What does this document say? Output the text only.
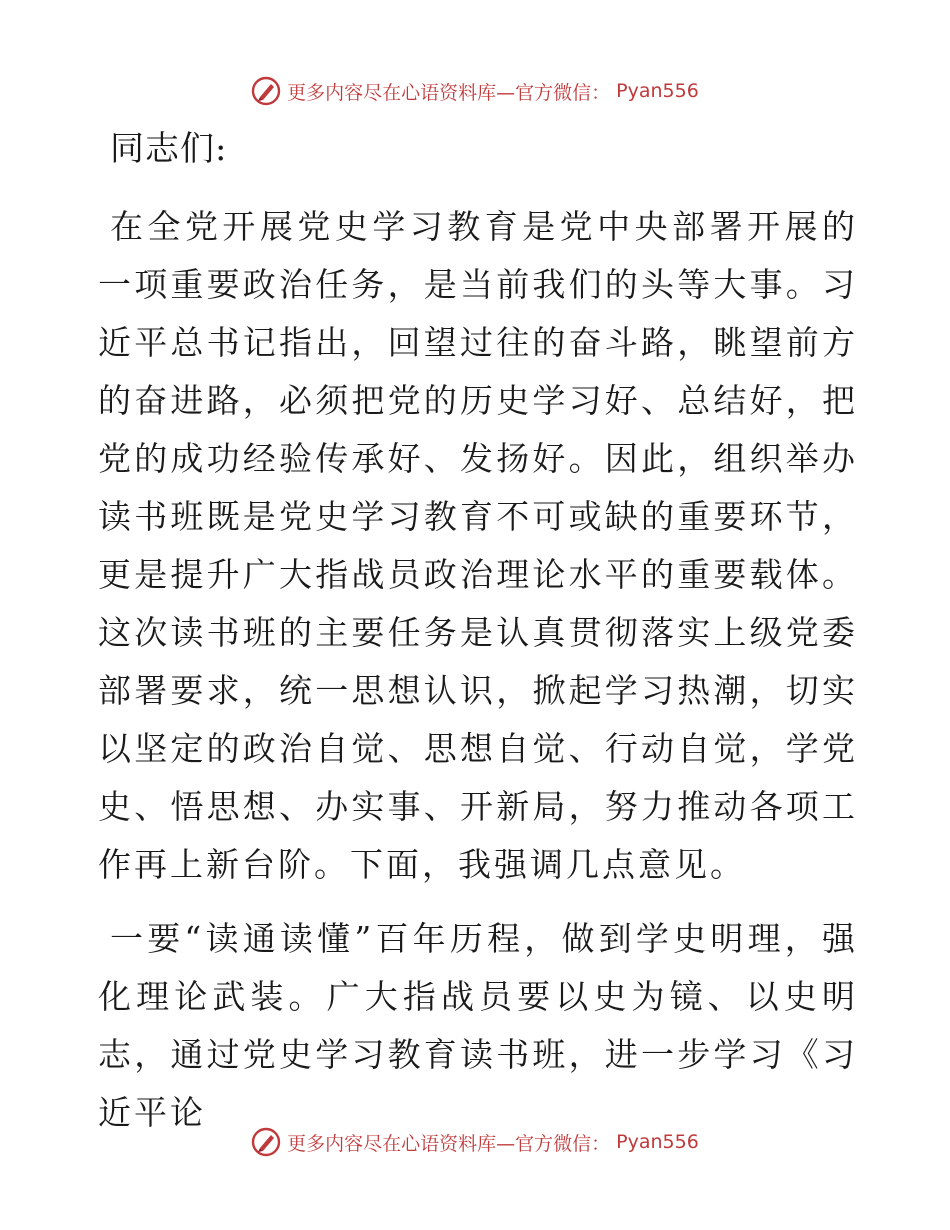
更多内容尽在心语资料库—官方微信： Pyan556

同志们:

在全党开展党史学习教育是党中央部署开展的一项重要政治任务，是当前我们的头等大事。习近平总书记指出，回望过往的奋斗路，眺望前方的奋进路，必须把党的历史学习好、总结好，把党的成功经验传承好、发扬好。因此，组织举办读书班既是党史学习教育不可或缺的重要环节，更是提升广大指战员政治理论水平的重要载体。这次读书班的主要任务是认真贯彻落实上级党委部署要求，统一思想认识，掀起学习热潮，切实以坚定的政治自觉、思想自觉、行动自觉，学党史、悟思想、办实事、开新局，努力推动各项工作再上新台阶。下面，我强调几点意见。

一要“读通读懂”百年历程，做到学史明理，强化理论武装。广大指战员要以史为镜、以史明志，通过党史学习教育读书班，进一步学习《习近平论

更多内容尽在心语资料库—官方微信： Pyan556
